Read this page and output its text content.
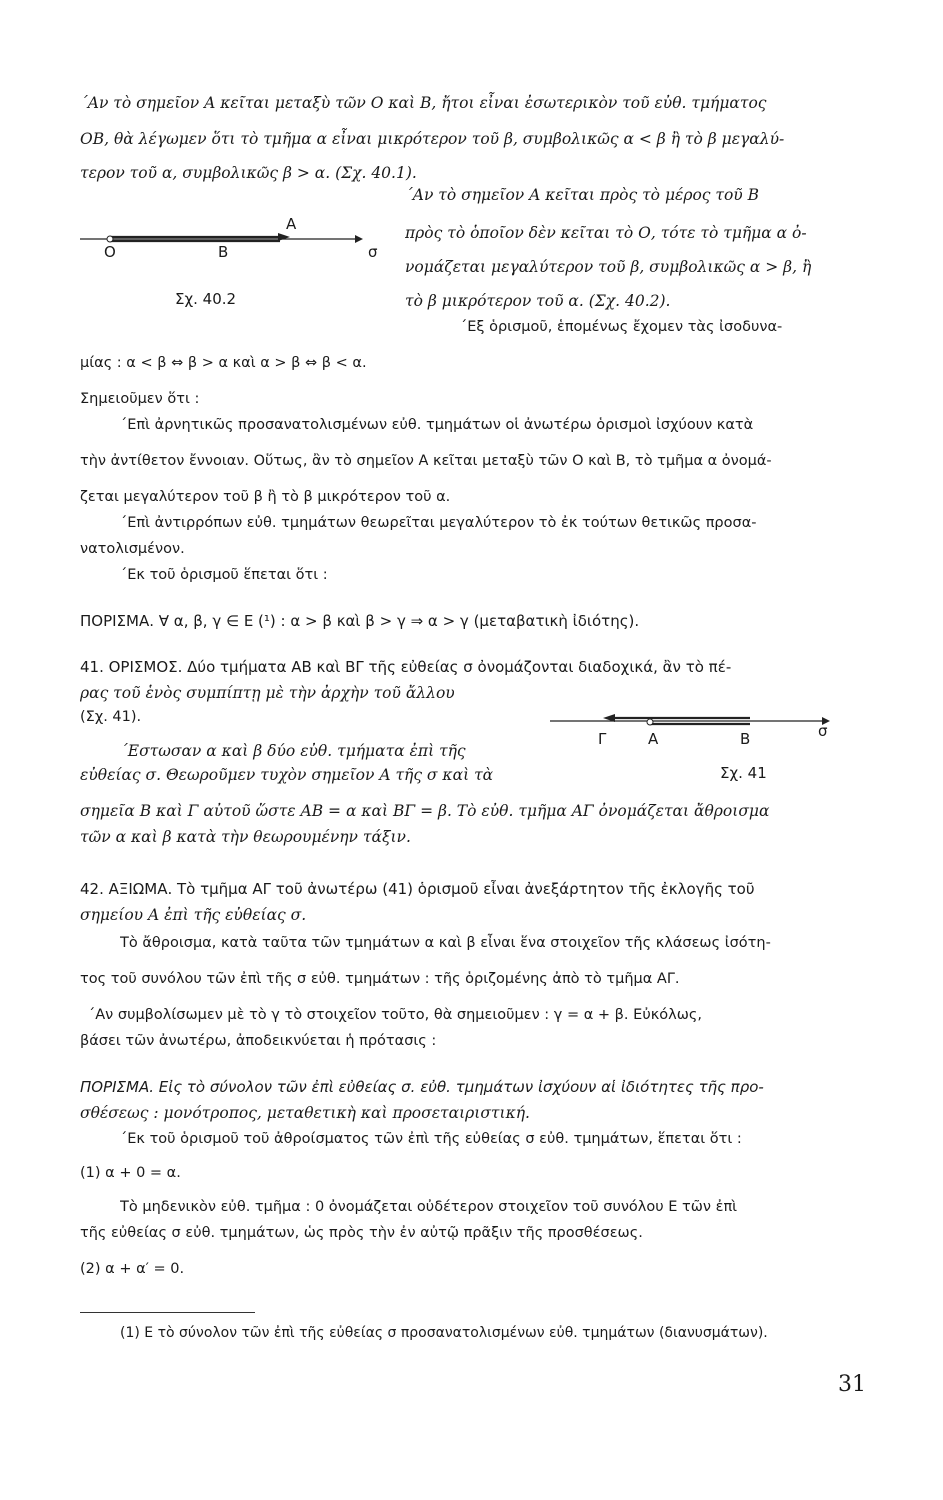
΄Αν τὸ σημεῖον Α κεῖται μεταξὺ τῶν Ο καὶ Β, ἤτοι εἶναι ἐσωτερικὸν τοῦ εὐθ. τμήματος
ΟΒ, θὰ λέγωμεν ὅτι τὸ τμῆμα α εἶναι μικρότερον τοῦ β, συμβολικῶς α < β ἢ τὸ β μεγαλύ-
τερον τοῦ α, συμβολικῶς β > α. (Σχ. 40.1).
΄Αν τὸ σημεῖον Α κεῖται πρὸς τὸ μέρος τοῦ Β
πρὸς τὸ ὁποῖον δὲν κεῖται τὸ Ο, τότε τὸ τμῆμα α ὀ-
νομάζεται μεγαλύτερον τοῦ β, συμβολικῶς α > β, ἢ
τὸ β μικρότερον τοῦ α. (Σχ. 40.2).
΄Εξ ὁρισμοῦ, ἑπομένως ἔχομεν τὰς ἰσοδυνα-
μίας : α < β ⇔ β > α καὶ α > β ⇔ β < α.
Ο	Β
Α
σ
Σχ. 40.2
Σημειοῦμεν ὅτι :
΄Επὶ ἀρνητικῶς προσανατολισμένων εὐθ. τμημάτων οἱ ἀνωτέρω ὁρισμοὶ ἰσχύουν κατὰ
τὴν ἀντίθετον ἔννοιαν. Οὕτως, ἂν τὸ σημεῖον Α κεῖται μεταξὺ τῶν Ο καὶ Β, τὸ τμῆμα α ὀνομά-
ζεται μεγαλύτερον τοῦ β ἢ τὸ β μικρότερον τοῦ α.
΄Επὶ ἀντιρρόπων εὐθ. τμημάτων θεωρεῖται μεγαλύτερον τὸ ἐκ τούτων θετικῶς προσα-
νατολισμένον.
΄Εκ τοῦ ὁρισμοῦ ἕπεται ὅτι :
ΠΟΡΙΣΜΑ. ∀ α, β, γ ∈ Ε (¹) : α > β καὶ β > γ ⇒ α > γ (μεταβατικὴ ἰδιότης).
41. ΟΡΙΣΜΟΣ. Δύο τμήματα ΑΒ καὶ ΒΓ τῆς εὐθείας σ ὀνομάζονται διαδοχικά, ἂν τὸ πέ-
ρας τοῦ ἑνὸς συμπίπτῃ μὲ τὴν ἀρχὴν τοῦ ἄλλου
(Σχ. 41).
΄Εστωσαν α καὶ β δύο εὐθ. τμήματα ἐπὶ τῆς
εὐθείας σ. Θεωροῦμεν τυχὸν σημεῖον Α τῆς σ καὶ τὰ
Γ	Α	Β	σ
Σχ. 41
σημεῖα Β καὶ Γ αὐτοῦ ὥστε ΑΒ = α καὶ ΒΓ = β. Τὸ εὐθ. τμῆμα ΑΓ ὀνομάζεται ἄθροισμα
τῶν α καὶ β κατὰ τὴν θεωρουμένην τάξιν.
42. ΑΞΙΩΜΑ. Τὸ τμῆμα ΑΓ τοῦ ἀνωτέρω (41) ὁρισμοῦ εἶναι ἀνεξάρτητον τῆς ἐκλογῆς τοῦ
σημείου Α ἐπὶ τῆς εὐθείας σ.
Τὸ ἄθροισμα, κατὰ ταῦτα τῶν τμημάτων α καὶ β εἶναι ἕνα στοιχεῖον τῆς κλάσεως ἰσότη-
τος τοῦ συνόλου τῶν ἐπὶ τῆς σ εὐθ. τμημάτων : τῆς ὁριζομένης ἀπὸ τὸ τμῆμα ΑΓ.
΄Αν συμβολίσωμεν μὲ τὸ γ τὸ στοιχεῖον τοῦτο, θὰ σημειοῦμεν : γ = α + β. Εὐκόλως,
βάσει τῶν ἀνωτέρω, ἀποδεικνύεται ἡ πρότασις :
ΠΟΡΙΣΜΑ. Εἰς τὸ σύνολον τῶν ἐπὶ εὐθείας σ. εὐθ. τμημάτων ἰσχύουν αἱ ἰδιότητες τῆς προ-
σθέσεως : μονότροπος, μεταθετικὴ καὶ προσεταιριστική.
΄Εκ τοῦ ὁρισμοῦ τοῦ ἀθροίσματος τῶν ἐπὶ τῆς εὐθείας σ εὐθ. τμημάτων, ἕπεται ὅτι :
(1) α + 0 = α.
Τὸ μηδενικὸν εὐθ. τμῆμα : 0 ὀνομάζεται οὐδέτερον στοιχεῖον τοῦ συνόλου Ε τῶν ἐπὶ
τῆς εὐθείας σ εὐθ. τμημάτων, ὡς πρὸς τὴν ἐν αὐτῷ πρᾶξιν τῆς προσθέσεως.
(2) α + α′ = 0.
(1) Ε τὸ σύνολον τῶν ἐπὶ τῆς εὐθείας σ προσανατολισμένων εὐθ. τμημάτων (διανυσμάτων).
31
